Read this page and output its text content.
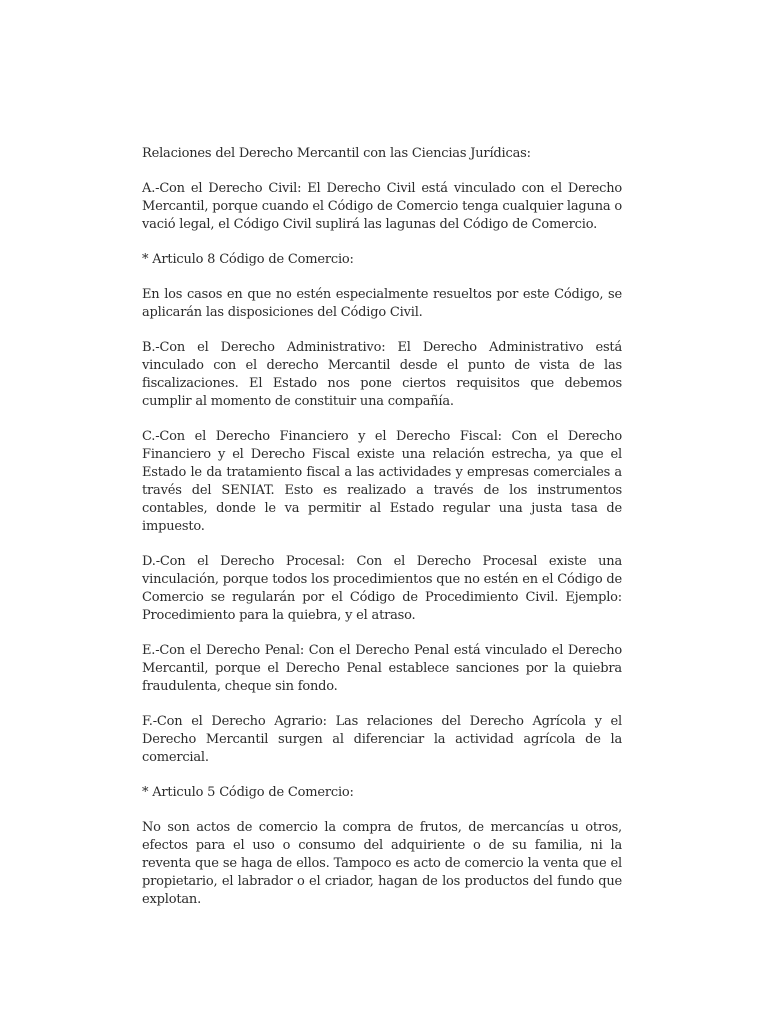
Relaciones del Derecho Mercantil con las Ciencias Jurídicas:

A.-Con el Derecho Civil: El Derecho Civil está vinculado con el Derecho Mercantil, porque cuando el Código de Comercio tenga cualquier laguna o vació legal, el Código Civil suplirá las lagunas del Código de Comercio.

* Articulo 8 Código de Comercio:

En los casos en que no estén especialmente resueltos por este Código, se aplicarán las disposiciones del Código Civil.

B.-Con el Derecho Administrativo: El Derecho Administrativo está vinculado con el derecho Mercantil desde el punto de vista de las fiscalizaciones. El Estado nos pone ciertos requisitos que debemos cumplir al momento de constituir una compañía.

C.-Con el Derecho Financiero y el Derecho Fiscal: Con el Derecho Financiero y el Derecho Fiscal existe una relación estrecha, ya que el Estado le da tratamiento fiscal a las actividades y empresas comerciales a través del SENIAT. Esto es realizado a través de los instrumentos contables, donde le va permitir al Estado regular una justa tasa de impuesto.

D.-Con el Derecho Procesal: Con el Derecho Procesal existe una vinculación, porque todos los procedimientos que no estén en el Código de Comercio se regularán por el Código de Procedimiento Civil. Ejemplo: Procedimiento para la quiebra, y el atraso.

E.-Con el Derecho Penal: Con el Derecho Penal está vinculado el Derecho Mercantil, porque el Derecho Penal establece sanciones por la quiebra fraudulenta, cheque sin fondo.

F.-Con el Derecho Agrario: Las relaciones del Derecho Agrícola y el Derecho Mercantil surgen al diferenciar la actividad agrícola de la comercial.

* Articulo 5 Código de Comercio:

No son actos de comercio la compra de frutos, de mercancías u otros, efectos para el uso o consumo del adquiriente o de su familia, ni la reventa que se haga de ellos. Tampoco es acto de comercio la venta que el propietario, el labrador o el criador, hagan de los productos del fundo que explotan.
